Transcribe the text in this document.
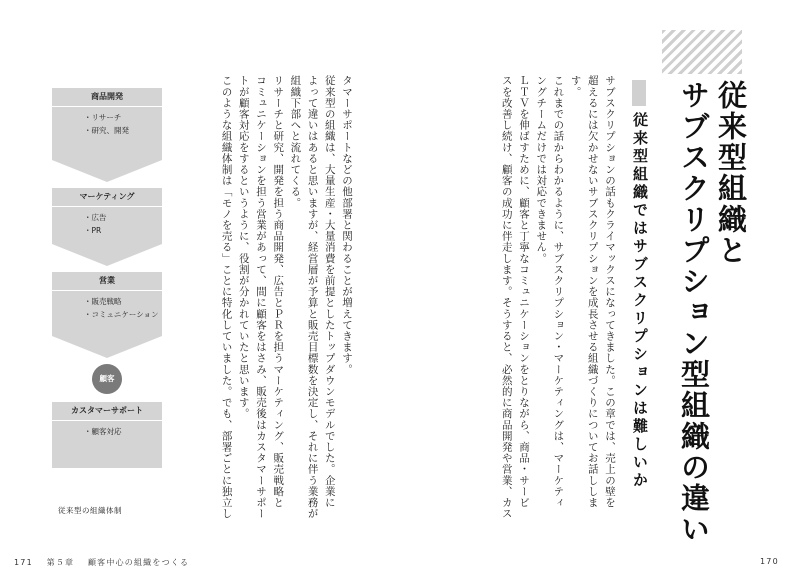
商品開発
・リサーチ
・研究、開発
マーケティング
・広告
・PR
営業
・販売戦略
・コミュニケーション
顧客
カスタマーサポート
・顧客対応
従来型の組織体制
タマーサポートなどの他部署と関わることが増えてきます。
従来型の組織は、大量生産・大量消費を前提としたトップダウンモデルでした。企業に
よって違いはあると思いますが、経営層が予算と販売目標数を決定し、それに伴う業務が
組織下部へと流れてくる。
リサーチと研究、開発を担う商品開発、広告とＰＲを担うマーケティング、販売戦略と
コミュニケーションを担う営業があって、間に顧客をはさみ、販売後はカスタマーサポー
トが顧客対応をするというように、役割が分かれていたと思います。
このような組織体制は「モノを売る」ことに特化していました。でも、部署ごとに独立し	サブスクリプションの話もクライマックスになってきました。この章では、売上の壁を
超えるには欠かせないサブスクリプションを成長させる組織づくりについてお話ししま
す。
これまでの話からわかるように、サブスクリプション・マーケティングは、マーケティ
ングチームだけでは対応できません。
ＬＴＶを伸ばすために、顧客と丁寧なコミュニケーションをとりながら、商品・サービ
スを改善し続け、顧客の成功に伴走します。そうすると、必然的に商品開発や営業、カス	従来型組織と
サブスクリプション型組織の違い
従来型組織ではサブスクリプションは難しいか
171 第５章 顧客中心の組織をつくる	170
